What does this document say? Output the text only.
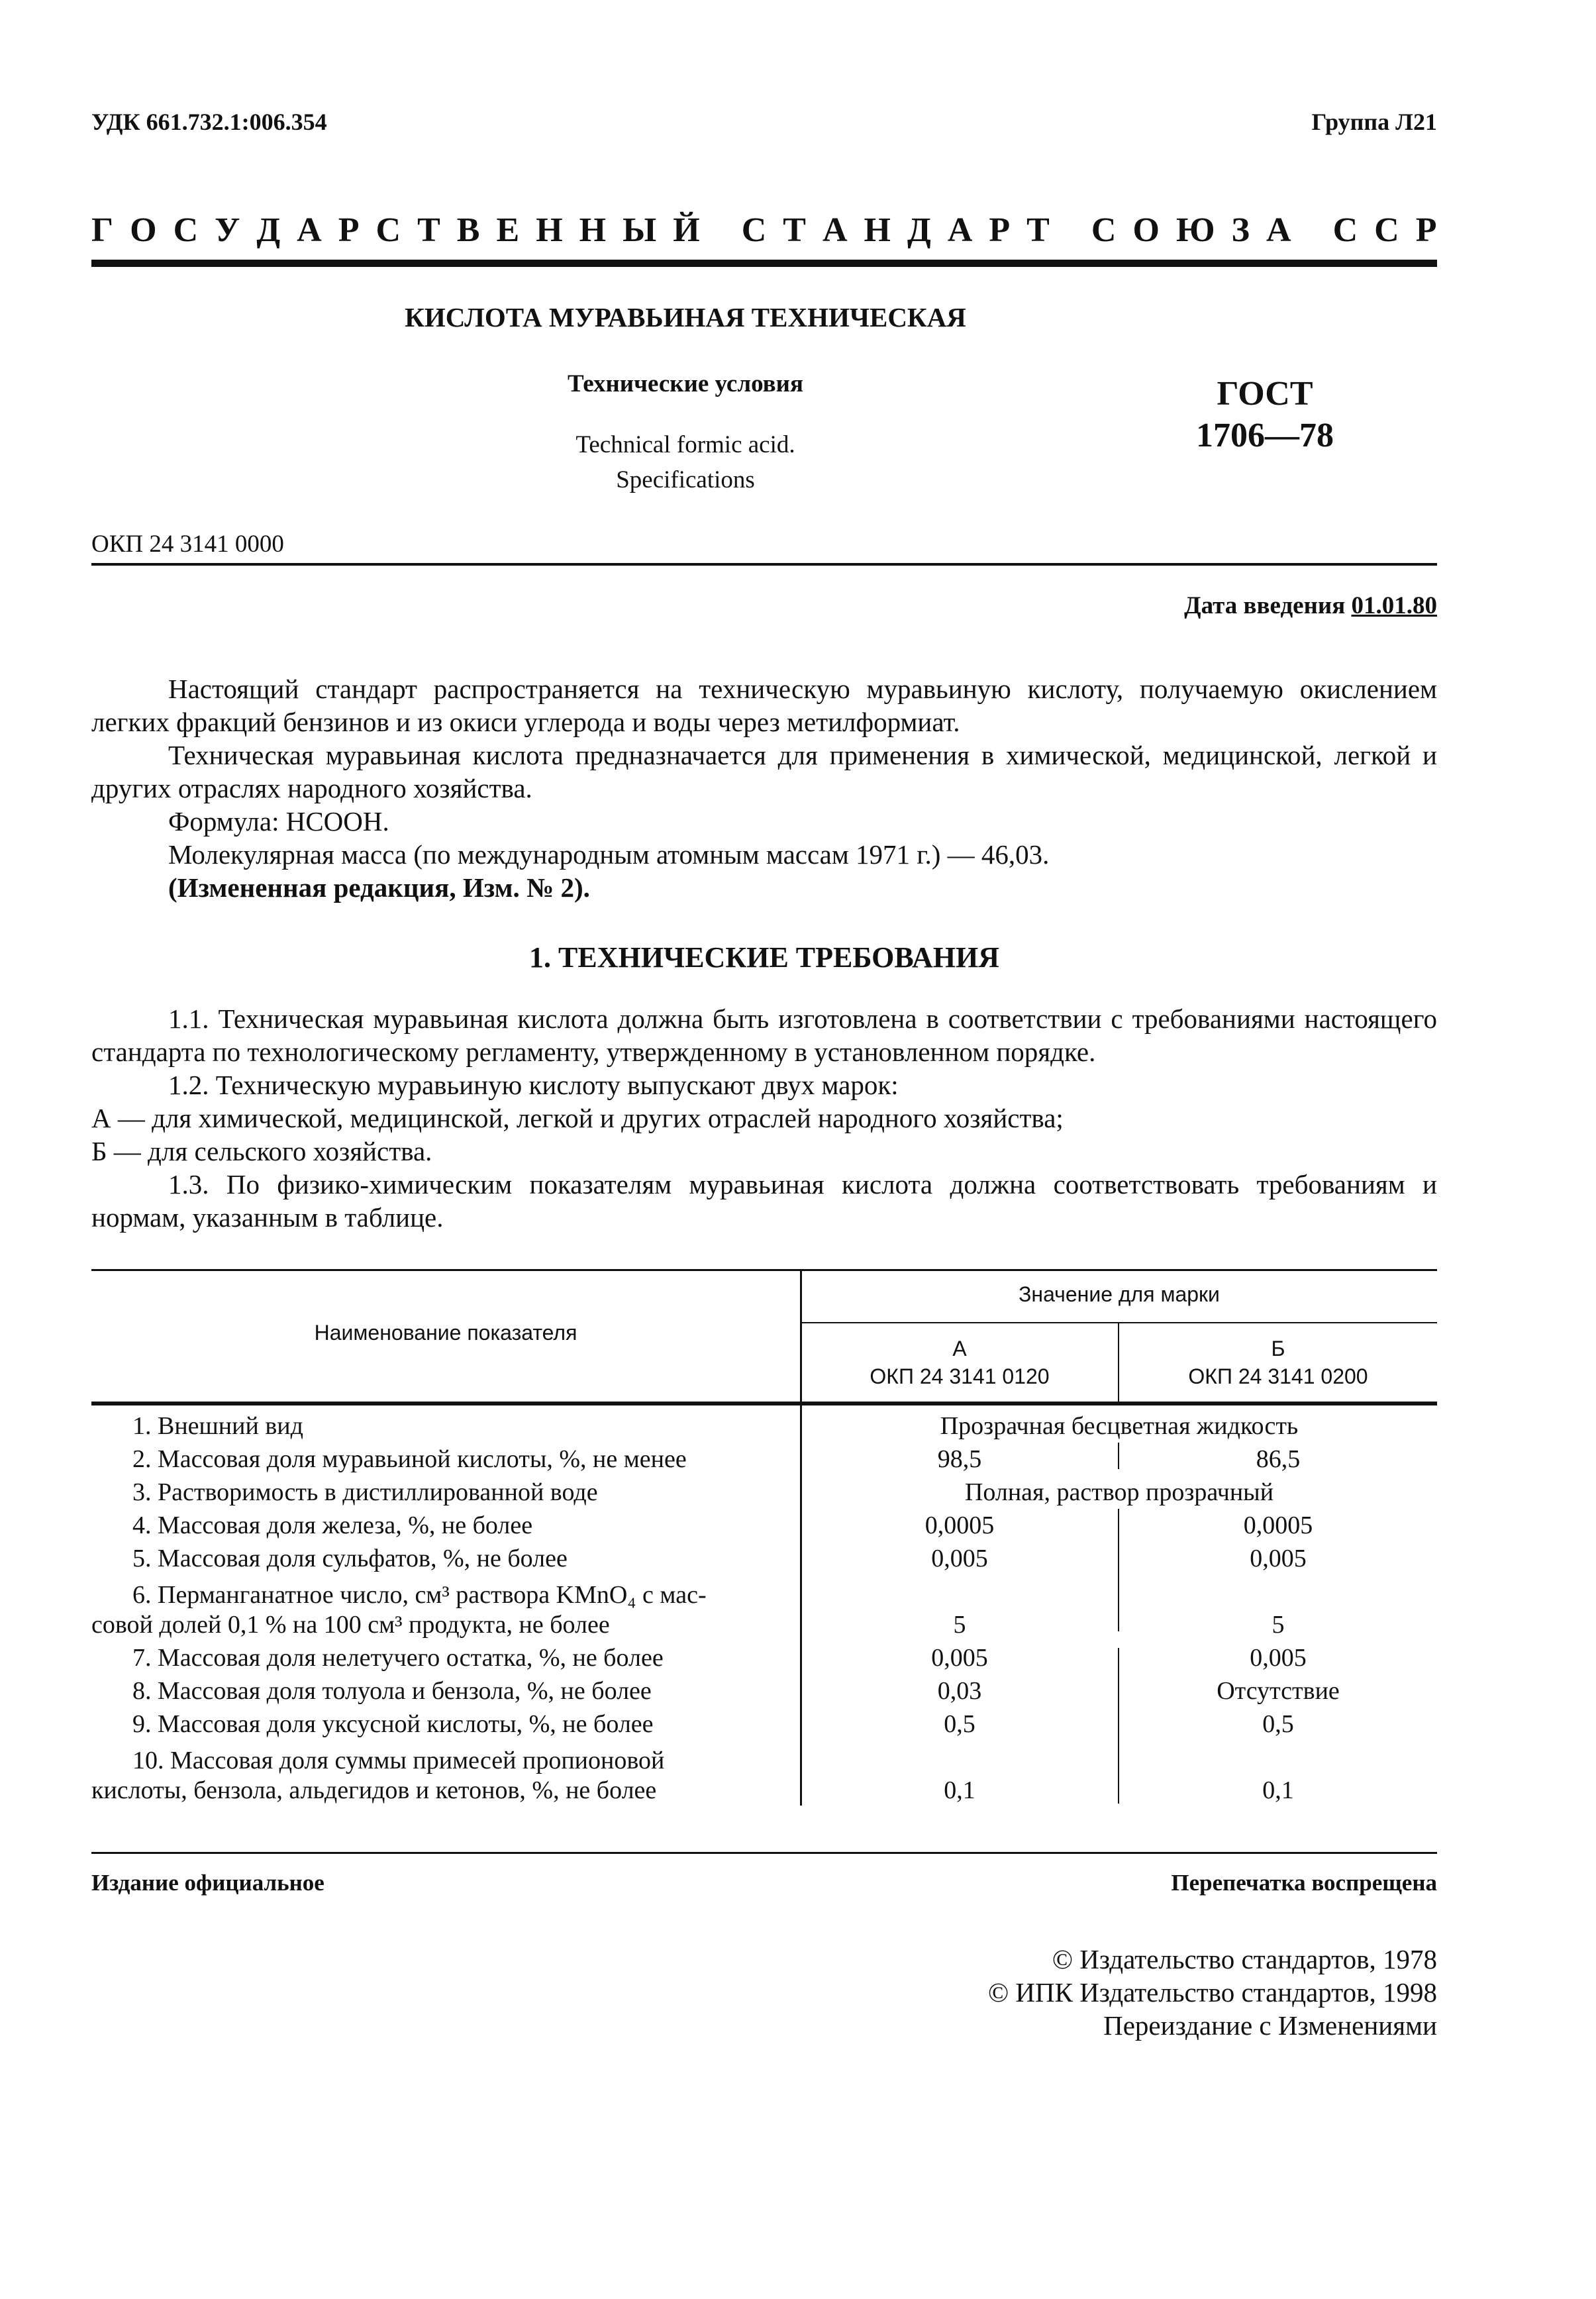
УДК 661.732.1:006.354	Группа Л21
Г О С У Д А Р С Т В Е Н Н Ы Й
С Т А Н Д А Р Т
С О Ю З А
С С Р
КИСЛОТА МУРАВЬИНАЯ ТЕХНИЧЕСКАЯ
Технические условия
Technical formic acid.
Specifications
ГОСТ
1706—78
ОКП 24 3141 0000
Дата введения 01.01.80
Настоящий стандарт распространяется на техническую муравьиную кислоту, получаемую окислением легких фракций бензинов и из окиси углерода и воды через метилформиат.
Техническая муравьиная кислота предназначается для применения в химической, медицинской, легкой и других отраслях народного хозяйства.
Формула: НСООН.
Молекулярная масса (по международным атомным массам 1971 г.) — 46,03.
(Измененная редакция, Изм. № 2).
1. ТЕХНИЧЕСКИЕ ТРЕБОВАНИЯ
1.1. Техническая муравьиная кислота должна быть изготовлена в соответствии с требованиями настоящего стандарта по технологическому регламенту, утвержденному в установленном порядке.
1.2. Техническую муравьиную кислоту выпускают двух марок:
А — для химической, медицинской, легкой и других отраслей народного хозяйства;
Б — для сельского хозяйства.
1.3. По физико-химическим показателям муравьиная кислота должна соответствовать требованиям и нормам, указанным в таблице.
Наименование показателя
Значение для марки
А
ОКП 24 3141 0120
Б
ОКП 24 3141 0200
1. Внешний вид	Прозрачная бесцветная жидкость
2. Массовая доля муравьиной кислоты, %, не менее	98,5	86,5
3. Растворимость в дистиллированной воде	Полная, раствор прозрачный
4. Массовая доля железа, %, не более	0,0005	0,0005
5. Массовая доля сульфатов, %, не более	0,005	0,005
6. Перманганатное число, см³ раствора KMnO₄ с мас-
совой долей 0,1 % на 100 см³ продукта, не более	5	5
7. Массовая доля нелетучего остатка, %, не более	0,005	0,005
8. Массовая доля толуола и бензола, %, не более	0,03	Отсутствие
9. Массовая доля уксусной кислоты, %, не более	0,5	0,5
10. Массовая доля суммы примесей пропионовой
кислоты, бензола, альдегидов и кетонов, %, не более	0,1	0,1
Издание официальное	Перепечатка воспрещена
© Издательство стандартов, 1978
© ИПК Издательство стандартов, 1998
Переиздание с Изменениями
